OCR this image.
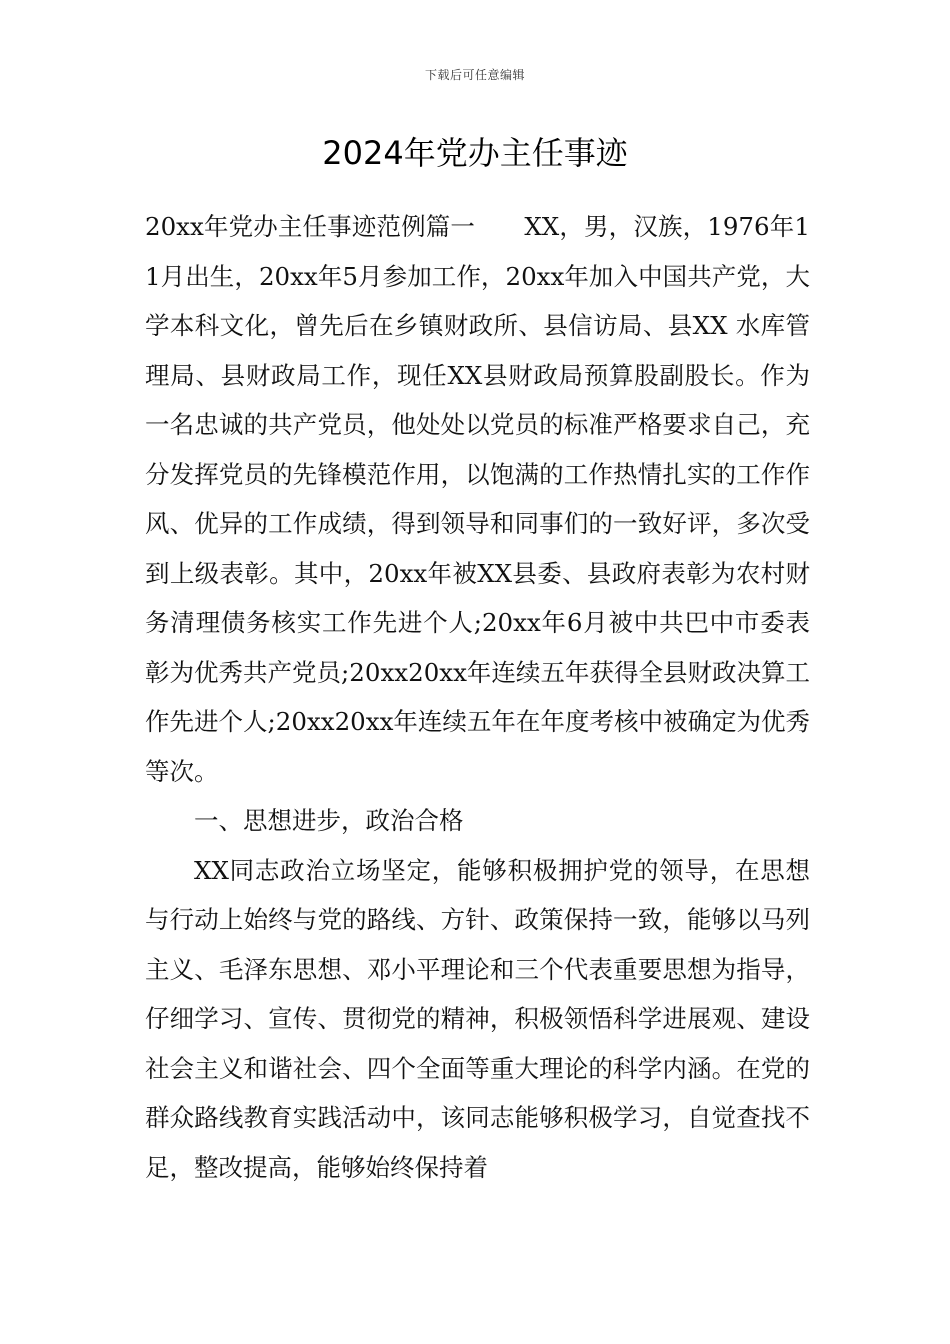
下载后可任意编辑
2024年党办主任事迹

20xx年党办主任事迹范例篇一　　XX，男，汉族，1976年11月出生，20xx年5月参加工作，20xx年加入中国共产党，大学本科文化，曾先后在乡镇财政所、县信访局、县XX 水库管理局、县财政局工作，现任XX县财政局预算股副股长。作为一名忠诚的共产党员，他处处以党员的标准严格要求自己，充分发挥党员的先锋模范作用，以饱满的工作热情扎实的工作作风、优异的工作成绩，得到领导和同事们的一致好评，多次受到上级表彰。其中，20xx年被XX县委、县政府表彰为农村财务清理债务核实工作先进个人;20xx年6月被中共巴中市委表彰为优秀共产党员;20xx20xx年连续五年获得全县财政决算工作先进个人;20xx20xx年连续五年在年度考核中被确定为优秀等次。

一、思想进步，政治合格

XX同志政治立场坚定，能够积极拥护党的领导，在思想与行动上始终与党的路线、方针、政策保持一致，能够以马列主义、毛泽东思想、邓小平理论和三个代表重要思想为指导，仔细学习、宣传、贯彻党的精神，积极领悟科学进展观、建设社会主义和谐社会、四个全面等重大理论的科学内涵。在党的群众路线教育实践活动中，该同志能够积极学习，自觉查找不足，整改提高，能够始终保持着
